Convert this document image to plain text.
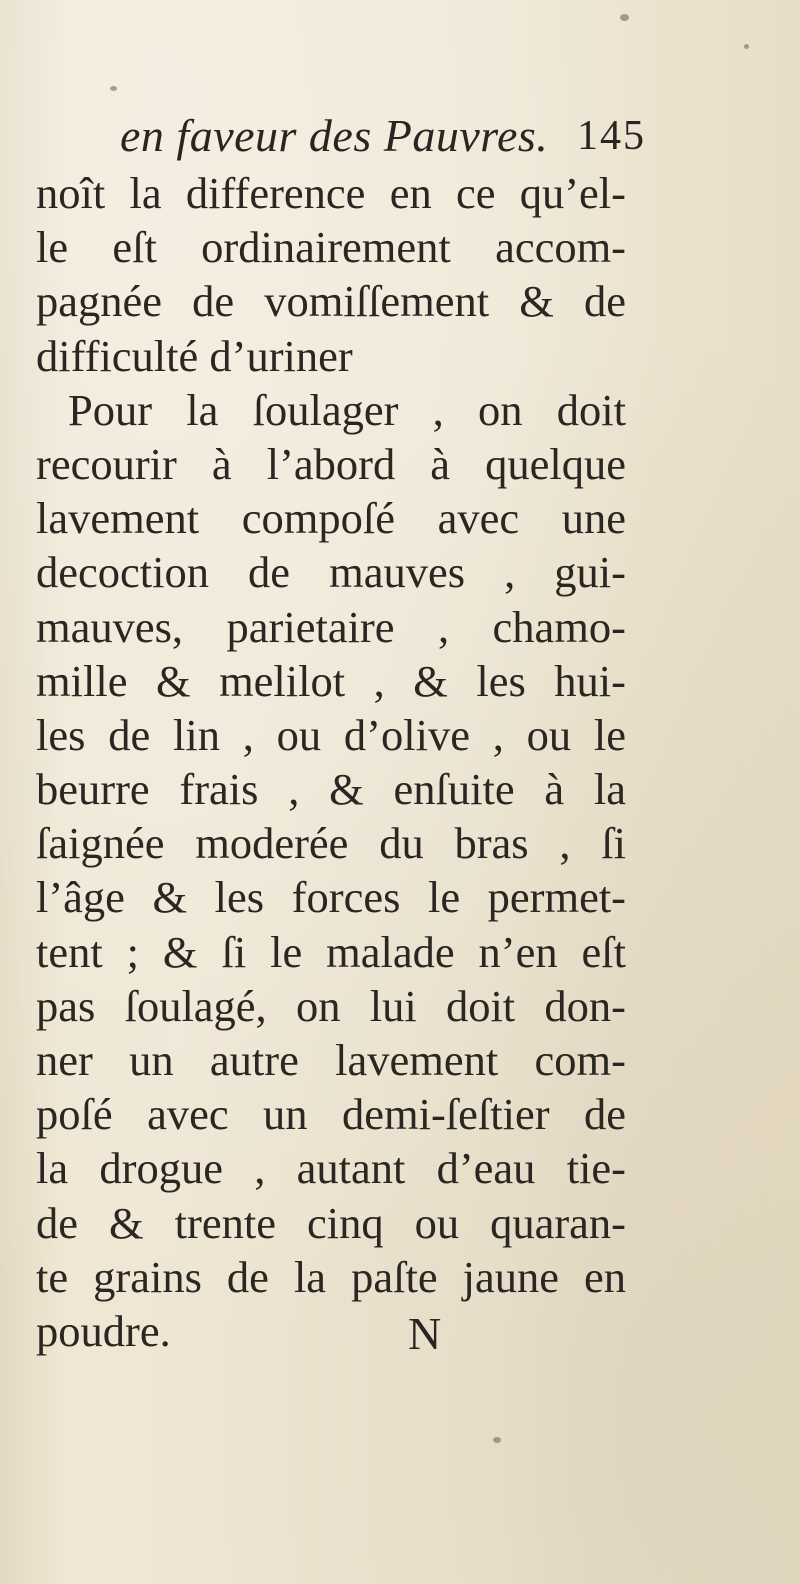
en faveur des Pauvres. 145
noît la difference en ce qu’el-
le eſt ordinairement accom-
pagnée de vomiſſement & de
difficulté d’uriner
Pour la ſoulager , on doit
recourir à l’abord à quelque
lavement compoſé avec une
decoction de mauves , gui-
mauves, parietaire , chamo-
mille & melilot , & les hui-
les de lin , ou d’olive , ou le
beurre frais , & enſuite à la
ſaignée moderée du bras , ſi
l’âge & les forces le permet-
tent ; & ſi le malade n’en eſt
pas ſoulagé, on lui doit don-
ner un autre lavement com-
poſé avec un demi-ſeſtier de
la drogue , autant d’eau tie-
de & trente cinq ou quaran-
te grains de la paſte jaune en
poudre.	N
